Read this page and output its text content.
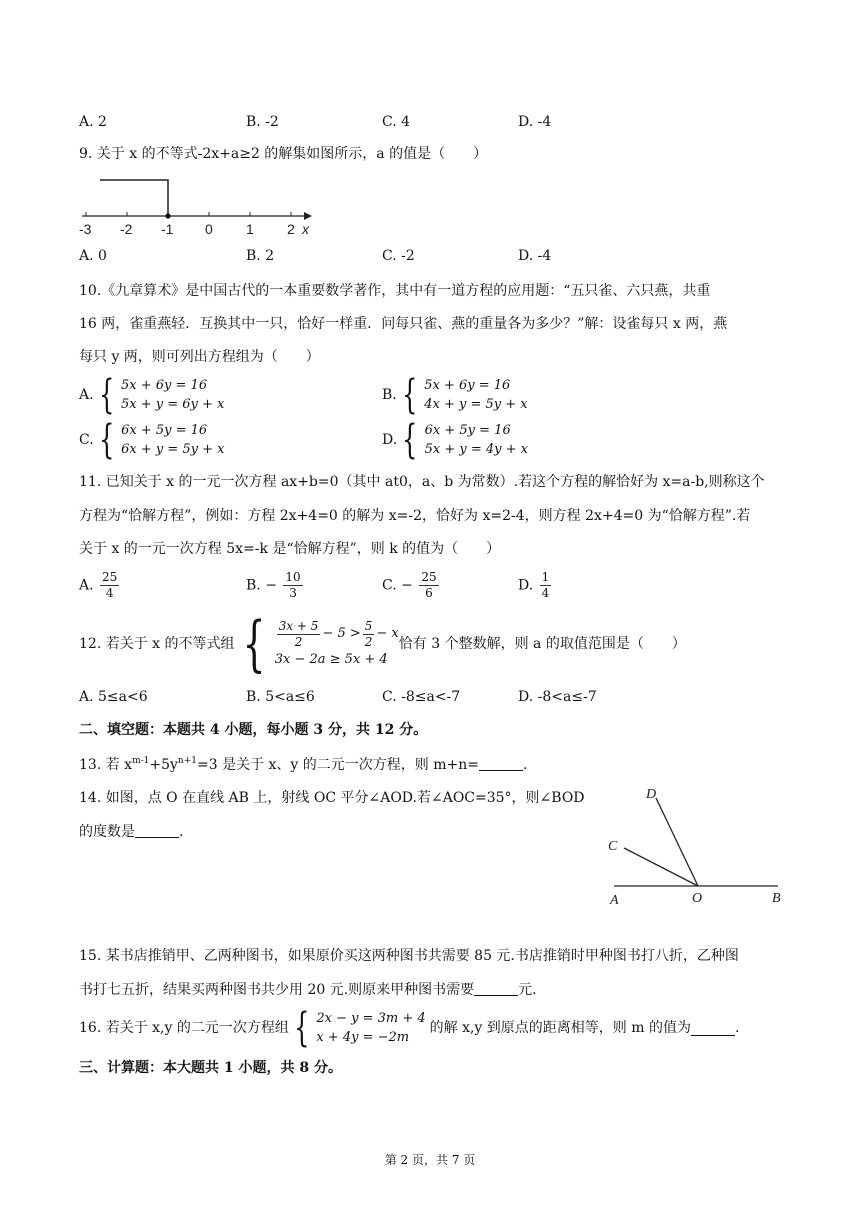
A. 2	B. -2	C. 4	D. -4
9. 关于 x 的不等式-2x+a≥2 的解集如图所示，a 的值是（　　）
-3 -2 -1 0 1 2 x
A. 0	B. 2	C. -2	D. -4
10.《九章算术》是中国古代的一本重要数学著作，其中有一道方程的应用题：“五只雀、六只燕，共重
16 两，雀重燕轻．互换其中一只，恰好一样重．问每只雀、燕的重量各为多少？”解：设雀每只 x 两，燕
每只 y 两，则可列出方程组为（　　）
A. { 5x + 6y = 16
5x + y = 6y + x
B. { 5x + 6y = 16
4x + y = 5y + x
C. { 6x + 5y = 16
6x + y = 5y + x
D. { 6x + 5y = 16
5x + y = 4y + x
11. 已知关于 x 的一元一次方程 ax+b=0（其中 at0，a、b 为常数）.若这个方程的解恰好为 x=a-b,则称这个
方程为“恰解方程”，例如：方程 2x+4=0 的解为 x=-2，恰好为 x=2-4，则方程 2x+4=0 为“恰解方程”.若
关于 x 的一元一次方程 5x=-k 是“恰解方程”，则 k 的值为（　　）
A. $\frac{25}{4}$	B. − $\frac{10}{3}$	C. − $\frac{25}{6}$	D. $\frac{1}{4}$
12. 若关于 x 的不等式组 { $\frac{3x + 5}{2} - 5 > \frac{5}{2} - x$
3x − 2a ≥ 5x + 4
恰有 3 个整数解，则 a 的取值范围是（　　）
A. 5≤a<6	B. 5<a≤6	C. -8≤a<-7	D. -8<a≤-7
二、填空题：本题共 4 小题，每小题 3 分，共 12 分。
13. 若 $x^{m-1}+5y^{n+1}=3$ 是关于 x、y 的二元一次方程，则 m+n=	.
14. 如图，点 O 在直线 AB 上，射线 OC 平分∠AOD.若∠AOC=35°，则∠BOD
的度数是	.
D
C
A	O	B
15. 某书店推销甲、乙两种图书，如果原价买这两种图书共需要 85 元.书店推销时甲种图书打八折，乙种图
书打七五折，结果买两种图书共少用 20 元.则原来甲种图书需要	元.
16. 若关于 x,y 的二元一次方程组 { 2x − y = 3m + 4
x + 4y = −2m
的解 x,y 到原点的距离相等，则 m 的值为	.
三、计算题：本大题共 1 小题，共 8 分。
第 2 页，共 7 页
